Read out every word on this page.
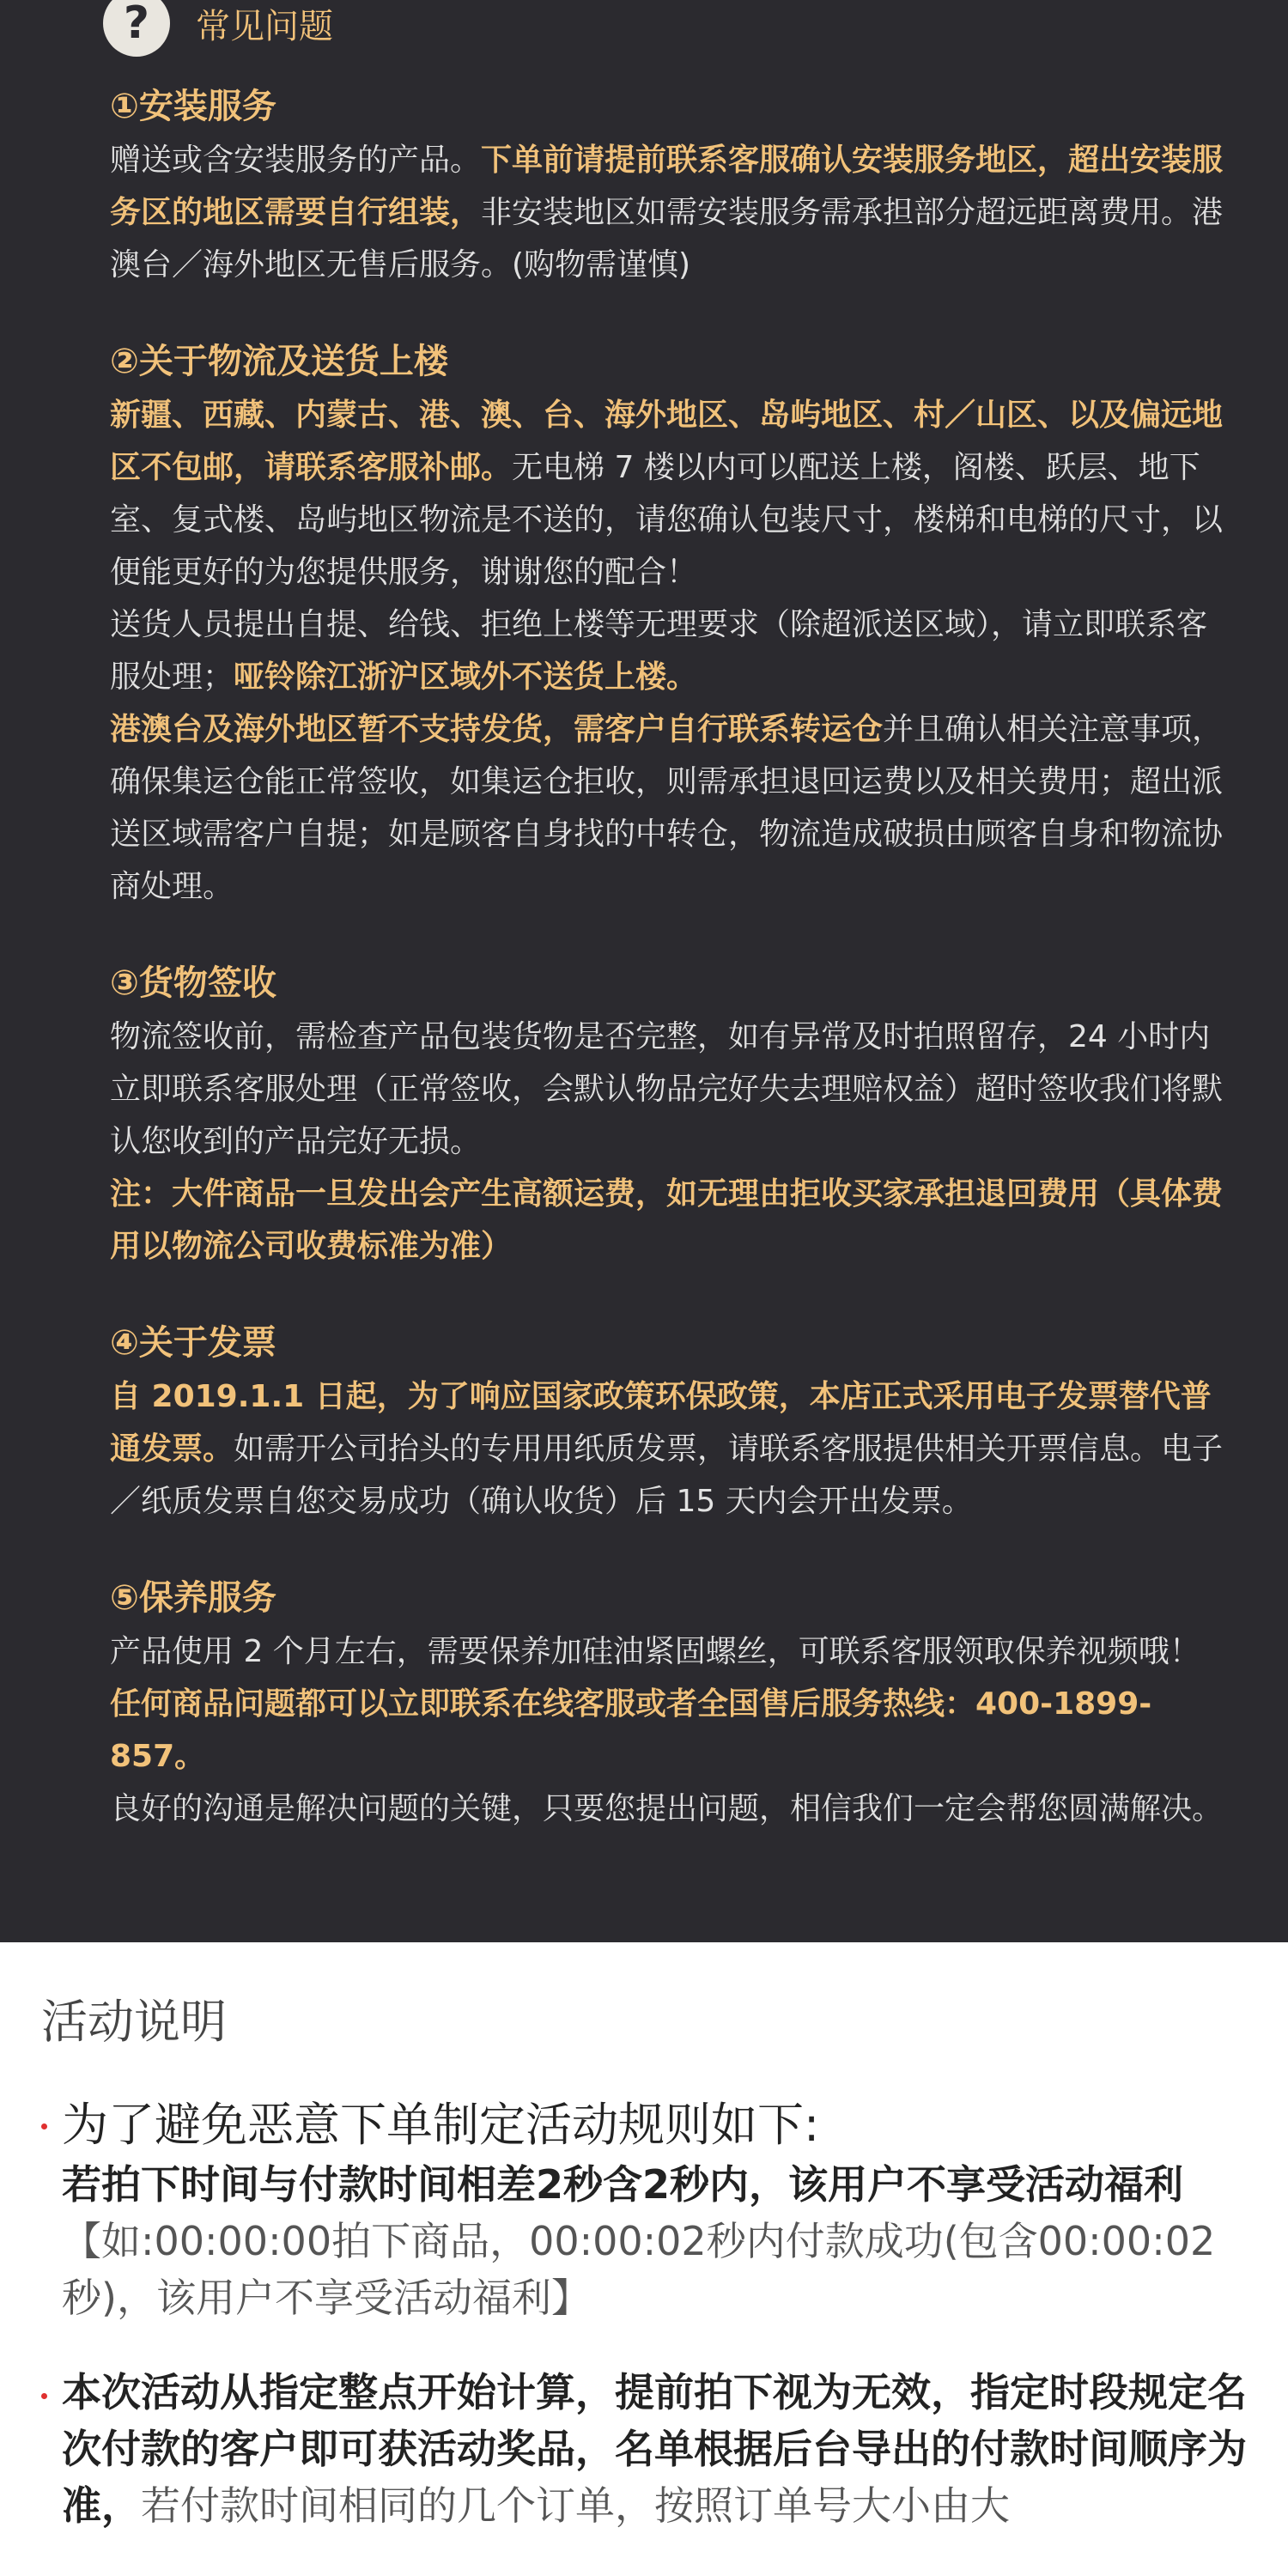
?	常见问题
①安装服务
赠送或含安装服务的产品。下单前请提前联系客服确认安装服务地区，超出安装服务区的地区需要自行组装，非安装地区如需安装服务需承担部分超远距离费用。港澳台／海外地区无售后服务。(购物需谨慎)
②关于物流及送货上楼
新疆、西藏、内蒙古、港、澳、台、海外地区、岛屿地区、村／山区、以及偏远地区不包邮，请联系客服补邮。无电梯 7 楼以内可以配送上楼，阁楼、跃层、地下室、复式楼、岛屿地区物流是不送的，请您确认包装尺寸，楼梯和电梯的尺寸，以便能更好的为您提供服务，谢谢您的配合！
送货人员提出自提、给钱、拒绝上楼等无理要求（除超派送区域），请立即联系客服处理；哑铃除江浙沪区域外不送货上楼。
港澳台及海外地区暂不支持发货，需客户自行联系转运仓并且确认相关注意事项，确保集运仓能正常签收，如集运仓拒收，则需承担退回运费以及相关费用；超出派送区域需客户自提；如是顾客自身找的中转仓，物流造成破损由顾客自身和物流协商处理。
③货物签收
物流签收前，需检查产品包装货物是否完整，如有异常及时拍照留存，24 小时内立即联系客服处理（正常签收，会默认物品完好失去理赔权益）超时签收我们将默认您收到的产品完好无损。
注：大件商品一旦发出会产生高额运费，如无理由拒收买家承担退回费用（具体费用以物流公司收费标准为准）
④关于发票
自 2019.1.1 日起，为了响应国家政策环保政策，本店正式采用电子发票替代普通发票。如需开公司抬头的专用用纸质发票，请联系客服提供相关开票信息。电子／纸质发票自您交易成功（确认收货）后 15 天内会开出发票。
⑤保养服务
产品使用 2 个月左右，需要保养加硅油紧固螺丝，可联系客服领取保养视频哦！任何商品问题都可以立即联系在线客服或者全国售后服务热线：400-1899-857。
良好的沟通是解决问题的关键，只要您提出问题，相信我们一定会帮您圆满解决。
活动说明
为了避免恶意下单制定活动规则如下:
若拍下时间与付款时间相差2秒含2秒内，该用户不享受活动福利
【如:00:00:00拍下商品，00:00:02秒内付款成功(包含00:00:02秒)，该用户不享受活动福利】
本次活动从指定整点开始计算，提前拍下视为无效，指定时段规定名次付款的客户即可获活动奖品，名单根据后台导出的付款时间顺序为准，若付款时间相同的几个订单，按照订单号大小由大
